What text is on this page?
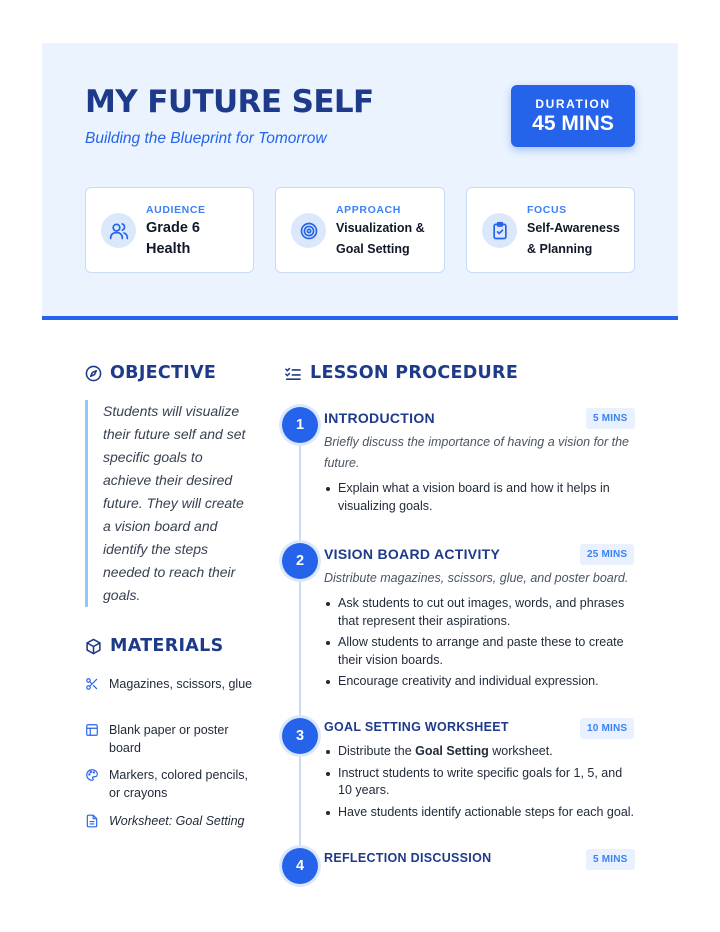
MY FUTURE SELF
Building the Blueprint for Tomorrow
DURATION
45 MINS
AUDIENCE
Grade 6
Health
APPROACH
Visualization &
Goal Setting
FOCUS
Self-Awareness
& Planning
OBJECTIVE
Students will visualize their future self and set specific goals to achieve their desired future. They will create a vision board and identify the steps needed to reach their goals.
MATERIALS
Magazines, scissors, glue
Blank paper or poster board
Markers, colored pencils, or crayons
Worksheet: Goal Setting
LESSON PROCEDURE
1	INTRODUCTION	5 MINS
Briefly discuss the importance of having a vision for the future.
Explain what a vision board is and how it helps in visualizing goals.
2	VISION BOARD ACTIVITY	25 MINS
Distribute magazines, scissors, glue, and poster board.
Ask students to cut out images, words, and phrases that represent their aspirations.
Allow students to arrange and paste these to create their vision boards.
Encourage creativity and individual expression.
3
GOAL SETTING WORKSHEET	10 MINS
Distribute the Goal Setting worksheet.
Instruct students to write specific goals for 1, 5, and 10 years.
Have students identify actionable steps for each goal.
4	REFLECTION DISCUSSION	5 MINS
